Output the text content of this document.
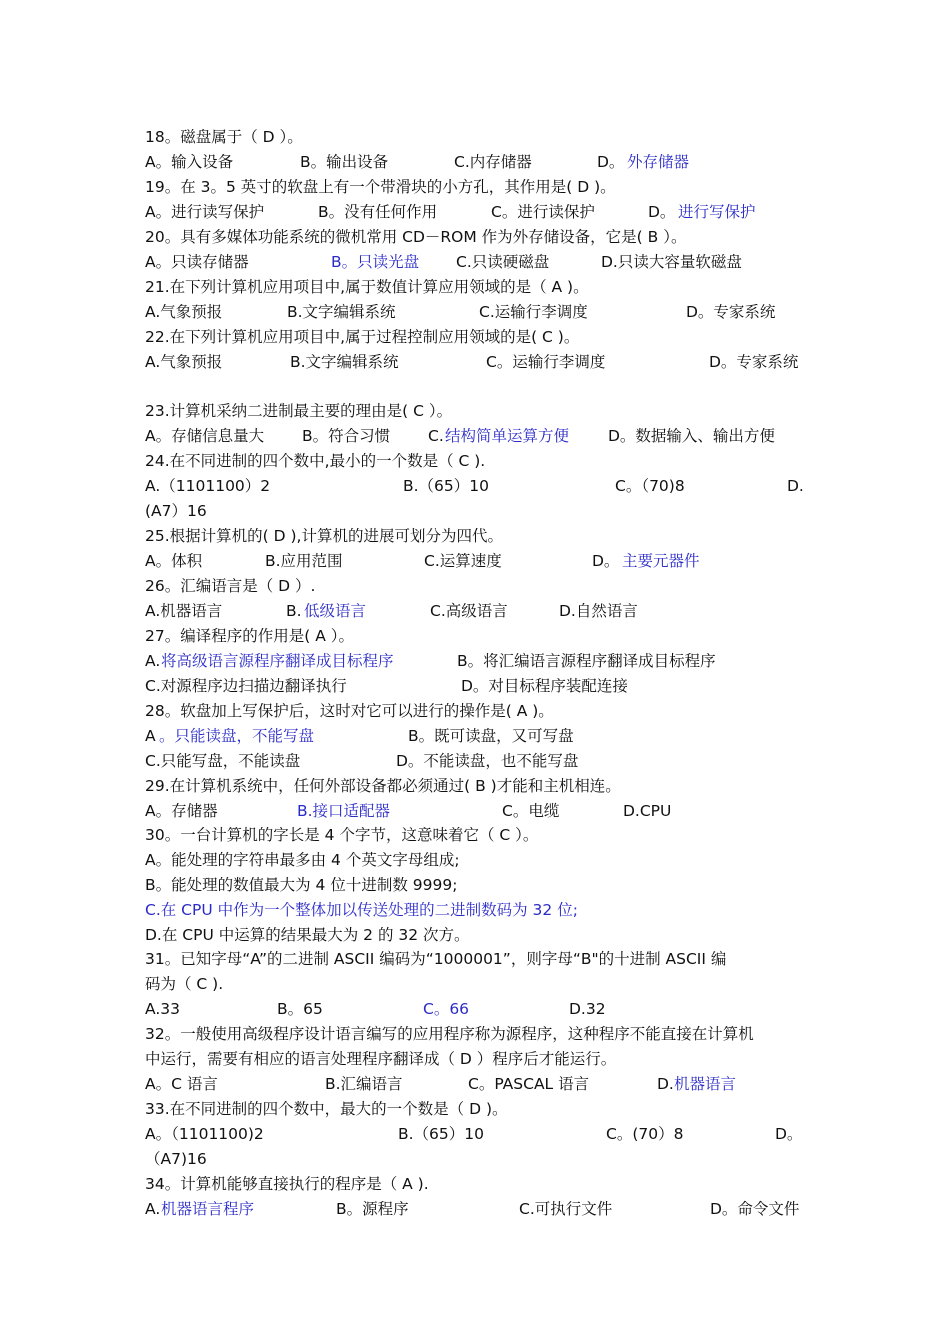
18。磁盘属于（ D ）。
A。输入设备	B。输出设备	C.内存储器	D。 外存储器
19。在 3。5 英寸的软盘上有一个带滑块的小方孔，其作用是( D )。
A。进行读写保护	B。没有任何作用	C。进行读保护	D。 进行写保护
20。具有多媒体功能系统的微机常用 CD－ROM 作为外存储设备，它是( B ）。
A。只读存储器	B。只读光盘 C.只读硬磁盘	D.只读大容量软磁盘
21.在下列计算机应用项目中,属于数值计算应用领域的是（ A )。
A.气象预报	B.文字编辑系统	C.运输行李调度	D。专家系统
22.在下列计算机应用项目中,属于过程控制应用领域的是( C )。
A.气象预报	B.文字编辑系统	C。运输行李调度	D。专家系统
23.计算机采纳二进制最主要的理由是( C ）。
A。存储信息量大 B。符合习惯 C. 结构简单运算方便	D。数据输入、输出方便
24.在不同进制的四个数中,最小的一个数是（ C ).
A.（1101100）2	B.（65）10	C。（70)8	D.
(A7）16
25.根据计算机的( D ),计算机的进展可划分为四代。
A。体积	B.应用范围	C.运算速度	D。 主要元器件
26。汇编语言是（ D ）.
A.机器语言	B. 低级语言	C.高级语言	D.自然语言
27。编译程序的作用是( A ）。
A. 将高级语言源程序翻译成目标程序	B。将汇编语言源程序翻译成目标程序
C.对源程序边扫描边翻译执行	D。对目标程序装配连接
28。软盘加上写保护后，这时对它可以进行的操作是( A )。
A 。只能读盘，不能写盘	B。既可读盘，又可写盘
C.只能写盘，不能读盘	D。不能读盘，也不能写盘
29.在计算机系统中，任何外部设备都必须通过( B )才能和主机相连。
A。存储器	B.接口适配器	C。电缆	D.CPU
30。一台计算机的字长是 4 个字节，这意味着它（ C ）。
A。能处理的字符串最多由 4 个英文字母组成;
B。能处理的数值最大为 4 位十进制数 9999;
C.在 CPU 中作为一个整体加以传送处理的二进制数码为 32 位;
D.在 CPU 中运算的结果最大为 2 的 32 次方。
31。已知字母“A”的二进制 ASCII 编码为“1000001”，则字母“B"的十进制 ASCII 编
码为（ C ).
A.33	B。65	C。66	D.32
32。一般使用高级程序设计语言编写的应用程序称为源程序，这种程序不能直接在计算机
中运行，需要有相应的语言处理程序翻译成（ D ）程序后才能运行。
A。C 语言	B.汇编语言	C。PASCAL 语言	D. 机器语言
33.在不同进制的四个数中，最大的一个数是（ D )。
A。（1101100)2	B.（65）10	C。(70）8	D。
（A7)16
34。计算机能够直接执行的程序是（ A ).
A. 机器语言程序	B。源程序	C.可执行文件	D。命令文件
